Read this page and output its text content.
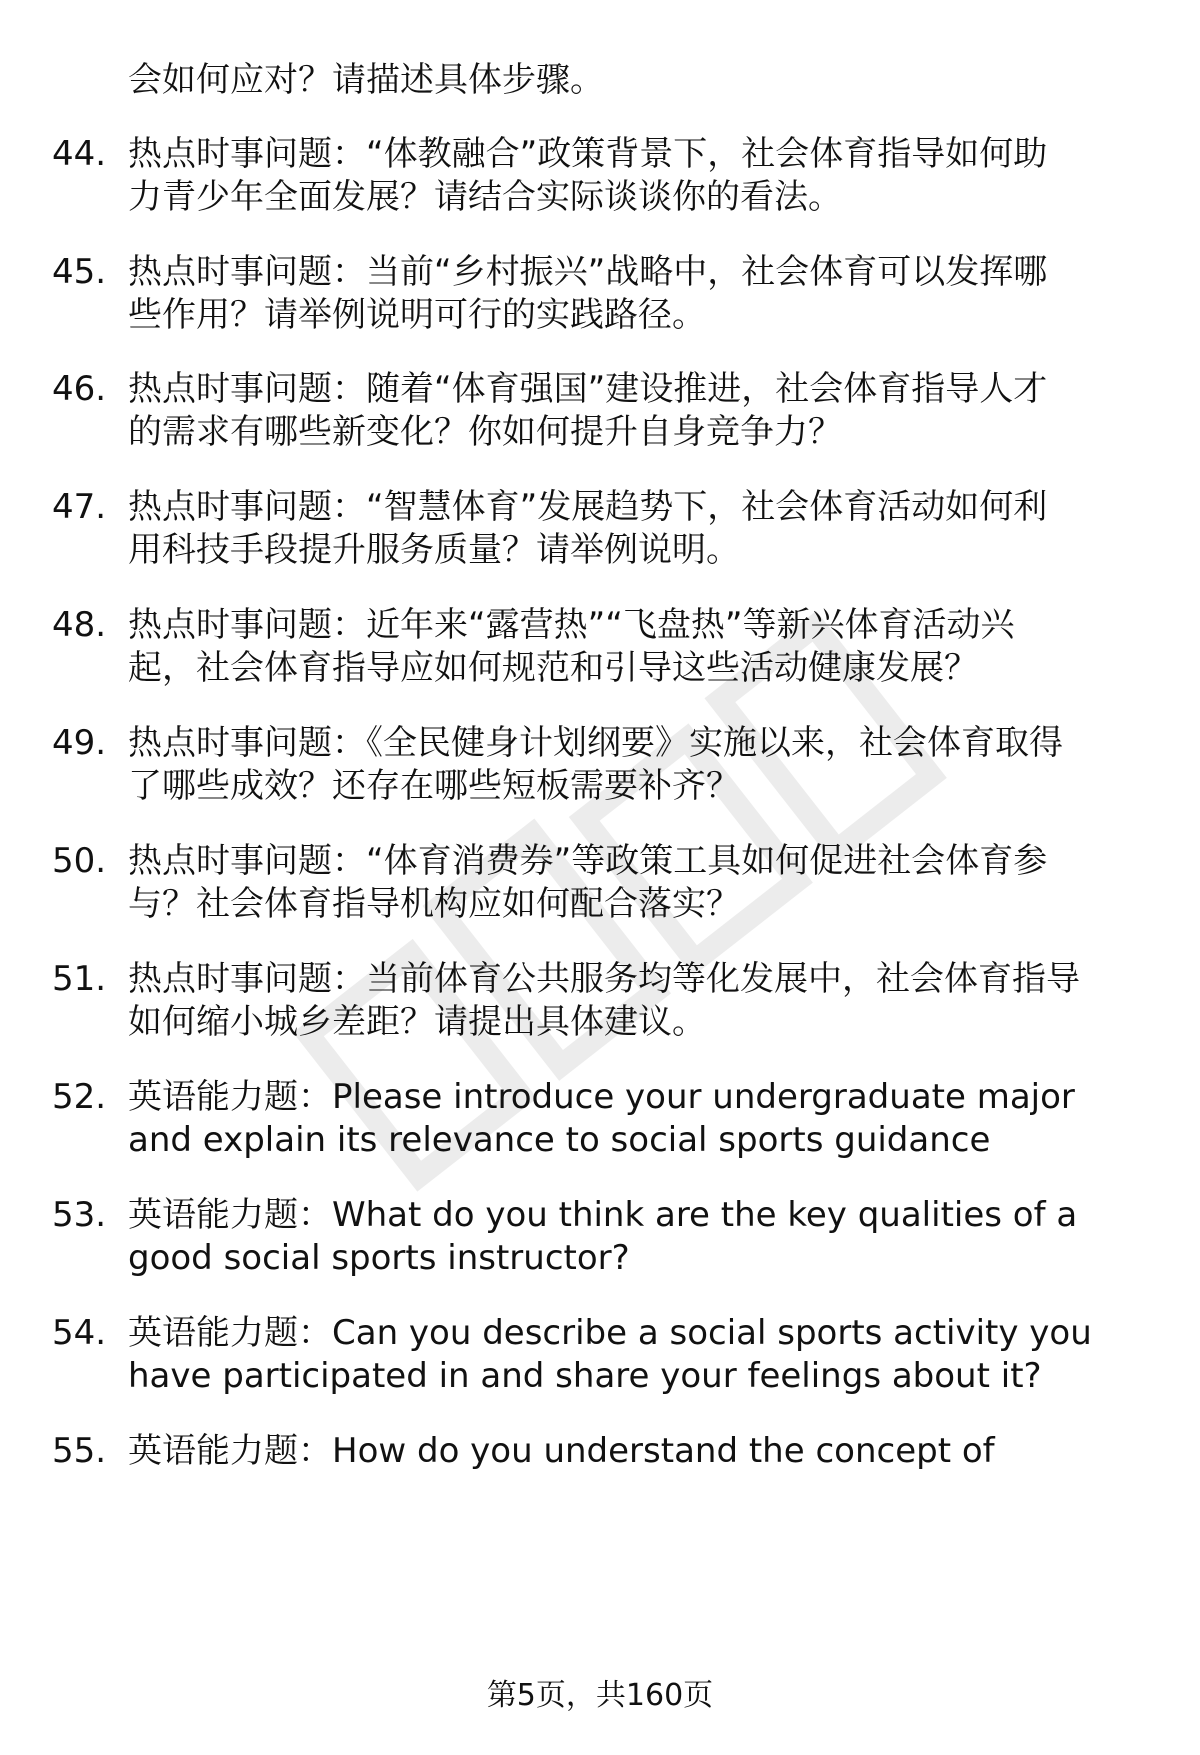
会如何应对？请描述具体步骤。
44. 热点时事问题：“体教融合”政策背景下，社会体育指导如何助
力青少年全面发展？请结合实际谈谈你的看法。
45. 热点时事问题：当前“乡村振兴”战略中，社会体育可以发挥哪
些作用？请举例说明可行的实践路径。
46. 热点时事问题：随着“体育强国”建设推进，社会体育指导人才
的需求有哪些新变化？你如何提升自身竞争力？
47. 热点时事问题：“智慧体育”发展趋势下，社会体育活动如何利
用科技手段提升服务质量？请举例说明。
48. 热点时事问题：近年来“露营热”“飞盘热”等新兴体育活动兴
起，社会体育指导应如何规范和引导这些活动健康发展？
49. 热点时事问题：《全民健身计划纲要》实施以来，社会体育取得
了哪些成效？还存在哪些短板需要补齐？
50. 热点时事问题：“体育消费券”等政策工具如何促进社会体育参
与？社会体育指导机构应如何配合落实？
51. 热点时事问题：当前体育公共服务均等化发展中，社会体育指导
如何缩小城乡差距？请提出具体建议。
52. 英语能力题：Please introduce your undergraduate major
and explain its relevance to social sports guidance
53. 英语能力题：What do you think are the key qualities of a
good social sports instructor?
54. 英语能力题：Can you describe a social sports activity you
have participated in and share your feelings about it?
55. 英语能力题：How do you understand the concept of
第5页，共160页
